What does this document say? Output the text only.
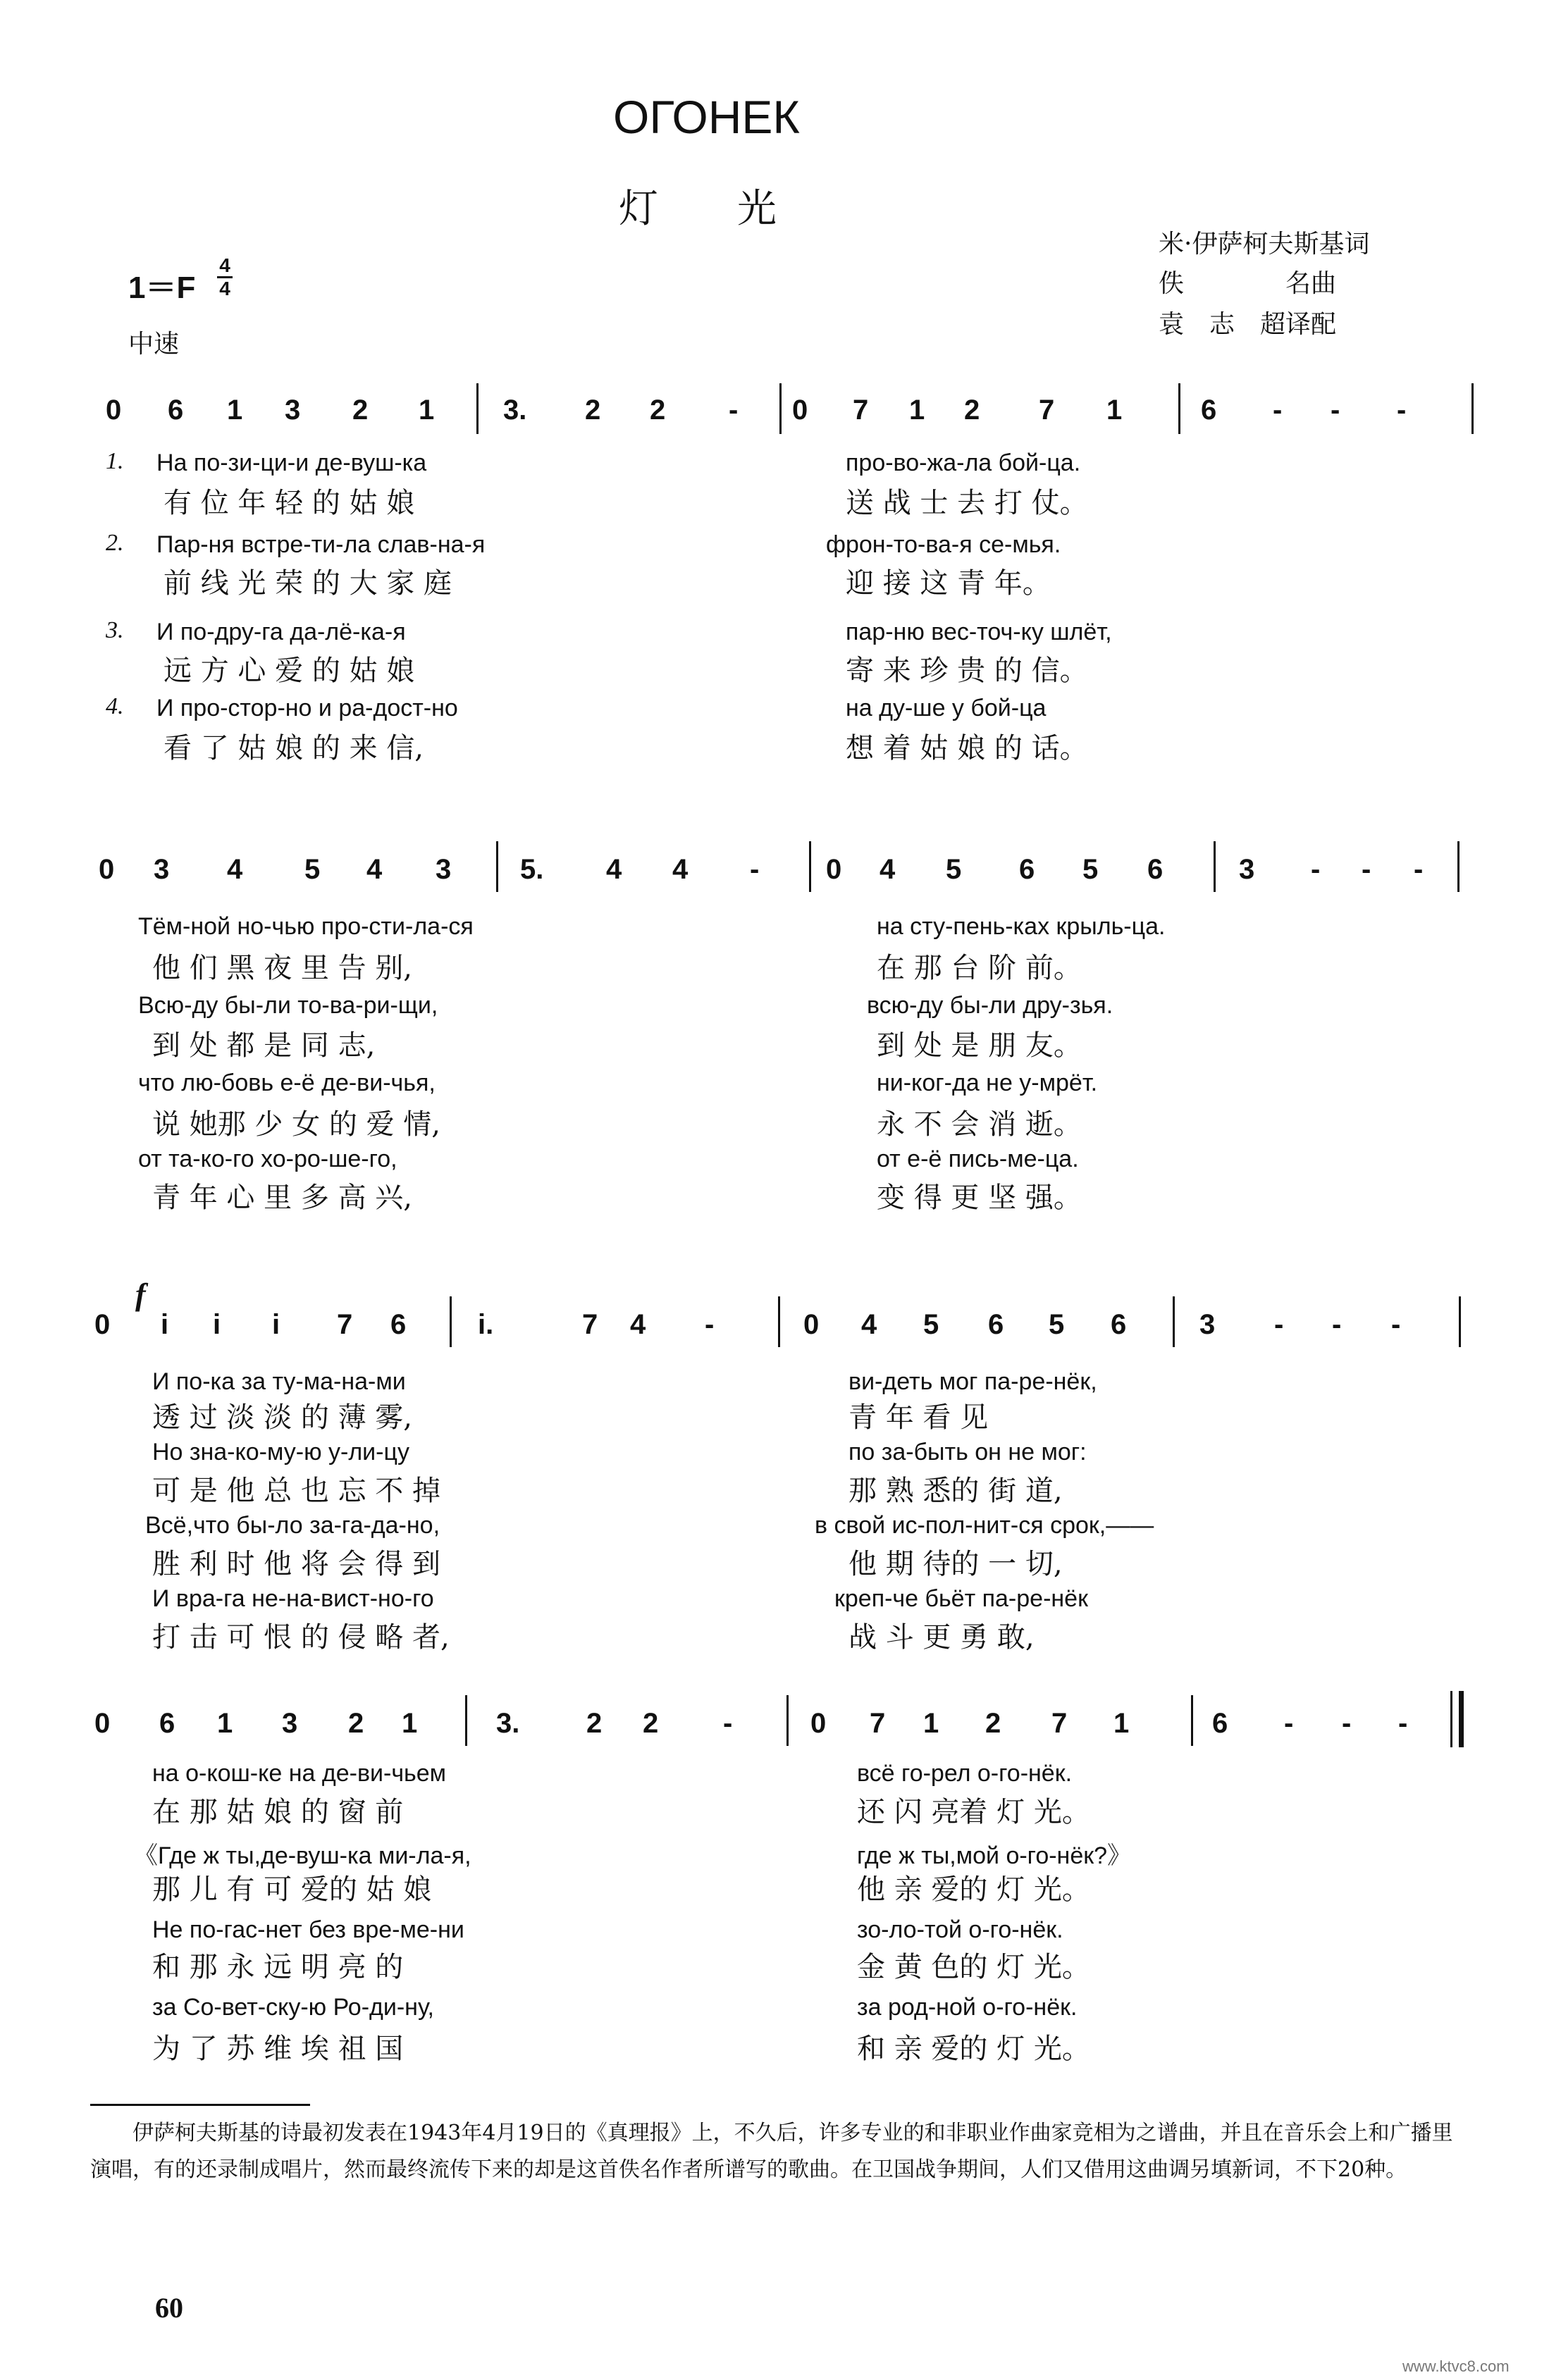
ОГОНЕК
灯　　光
米·伊萨柯夫斯基词
佚　　　　名曲
袁　志　超译配
1＝F
4
4
中速
0 6 1 3 2 1 3. 2 2 - 0 7 1 2 7 1	6 - - -
1.
2.
3.
4.
На по-зи-ци-и де-вуш-ка	про-во-жа-ла бой-ца.
有 位 年 轻 的 姑 娘	送 战 士 去 打 仗。
Пар-ня встре-ти-ла слав-на-я	фрон-то-ва-я се-мья.
前 线 光 荣 的 大 家 庭	迎 接 这 青 年。
И по-дру-га да-лё-ка-я	пар-ню вес-точ-ку шлёт,
远 方 心 爱 的 姑 娘	寄 来 珍 贵 的 信。
И про-стор-но и ра-дост-но	на ду-ше у бой-ца
看 了 姑 娘 的 来 信,	想 着 姑 娘 的 话。
0 3 4 5 4 3 5. 4 4 - 0 4 5 6 5 6	3 - - -
Тём-ной но-чью про-сти-ла-ся	на сту-пень-ках крыль-ца.
他 们 黑 夜 里 告 别,	在 那 台 阶 前。
Всю-ду бы-ли то-ва-ри-щи,	всю-ду бы-ли дру-зья.
到 处 都 是 同 志,	到 处 是 朋 友。
что лю-бовь е-ё де-ви-чья,	ни-ког-да не у-мрёт.
说 她那 少 女 的 爱 情,	永 不 会 消 逝。
от та-ко-го хо-ро-ше-го,	от е-ё пись-ме-ца.
青 年 心 里 多 高 兴,	变 得 更 坚 强。
f
0 i i i 7 6	i.	7 4 -	0 4 5 6 5 6	3 - - -
И по-ка за ту-ма-на-ми	ви-деть мог па-ре-нёк,
透 过 淡 淡 的 薄 雾,	青 年 看 见
Но зна-ко-му-ю у-ли-цу	по за-быть он не мог:
可 是 他 总 也 忘 不 掉	那 熟 悉的 街 道,
Всё,что бы-ло за-га-да-но,	в свой ис-пол-нит-ся срок,——
胜 利 时 他 将 会 得 到	他 期 待的 一 切,
И вра-га не-на-вист-но-го	креп-че бьёт па-ре-нёк
打 击 可 恨 的 侵 略 者,	战 斗 更 勇 敢,
0 6 1 3 2 1	3. 2 2 -	0 7 1 2 7 1	6 - - -
на о-кош-ке на де-ви-чьем	всё го-рел о-го-нёк.
在 那 姑 娘 的 窗 前	还 闪 亮着 灯 光。
《Где ж ты,де-вуш-ка ми-ла-я,	где ж ты,мой о-го-нёк?》
那 儿 有 可 爱的 姑 娘	他 亲 爱的 灯 光。
Не по-гас-нет без вре-ме-ни	зо-ло-той о-го-нёк.
和 那 永 远 明 亮 的	金 黄 色的 灯 光。
за Со-вет-ску-ю Ро-ди-ну,	за род-ной о-го-нёк.
为 了 苏 维 埃 祖 国	和 亲 爱的 灯 光。
伊萨柯夫斯基的诗最初发表在1943年4月19日的《真理报》上，不久后，许多专业的和非职业作曲家竞相为之谱曲，并且在音乐会上和广播里演唱，有的还录制成唱片，然而最终流传下来的却是这首佚名作者所谱写的歌曲。在卫国战争期间，人们又借用这曲调另填新词，不下20种。
60
www.ktvc8.com
